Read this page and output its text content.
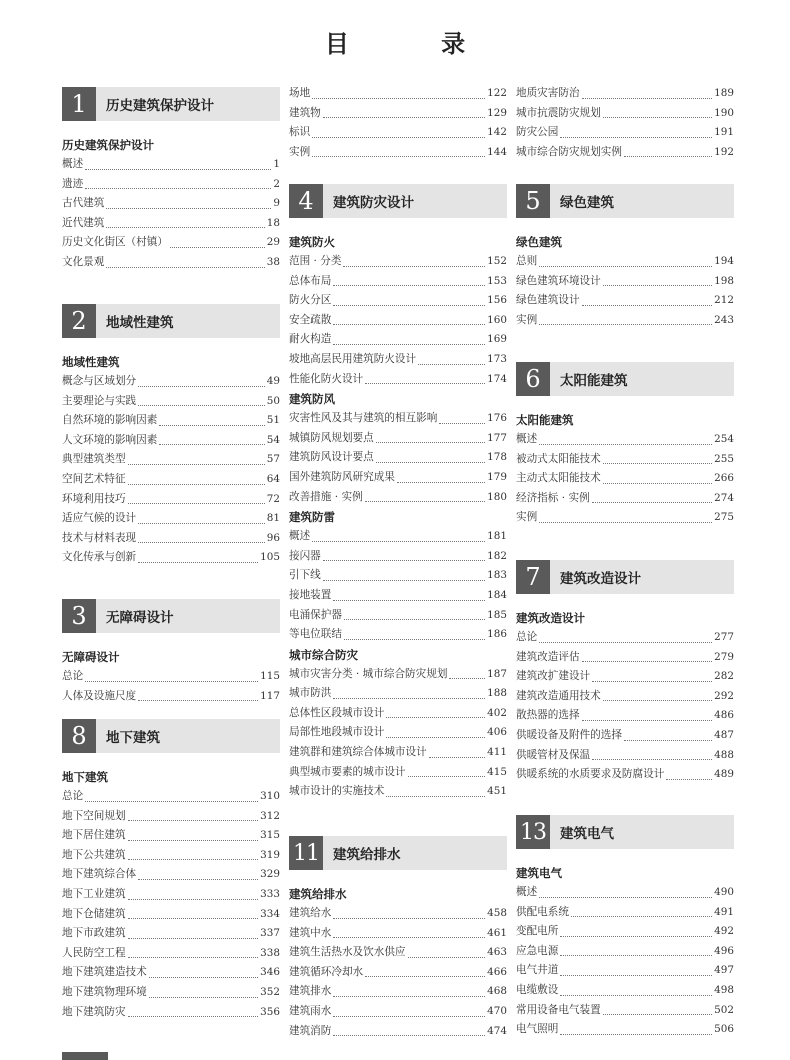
目 录
1	历史建筑保护设计
历史建筑保护设计
概述	1
遗迹	2
古代建筑	9
近代建筑	18
历史文化街区（村镇）	29
文化景观	38
2	地域性建筑
地域性建筑
概念与区域划分	49
主要理论与实践	50
自然环境的影响因素	51
人文环境的影响因素	54
典型建筑类型	57
空间艺术特征	64
环境利用技巧	72
适应气候的设计	81
技术与材料表现	96
文化传承与创新	105
3	无障碍设计
无障碍设计
总论	115
人体及设施尺度	117
8	地下建筑
地下建筑
总论	310
地下空间规划	312
地下居住建筑	315
地下公共建筑	319
地下建筑综合体	329
地下工业建筑	333
地下仓储建筑	334
地下市政建筑	337
人民防空工程	338
地下建筑建造技术	346
地下建筑物理环境	352
地下建筑防灾	356
场地	122
建筑物	129
标识	142
实例	144
4	建筑防灾设计
建筑防火
范围 · 分类	152
总体布局	153
防火分区	156
安全疏散	160
耐火构造	169
坡地高层民用建筑防火设计	173
性能化防火设计	174
建筑防风
灾害性风及其与建筑的相互影响	176
城镇防风规划要点	177
建筑防风设计要点	178
国外建筑防风研究成果	179
改善措施 · 实例	180
建筑防雷
概述	181
接闪器	182
引下线	183
接地装置	184
电涌保护器	185
等电位联结	186
城市综合防灾
城市灾害分类 · 城市综合防灾规划	187
城市防洪	188
总体性区段城市设计	402
局部性地段城市设计	406
建筑群和建筑综合体城市设计	411
典型城市要素的城市设计	415
城市设计的实施技术	451
11 建筑给排水
建筑给排水
建筑给水	458
建筑中水	461
建筑生活热水及饮水供应	463
建筑循环冷却水	466
建筑排水	468
建筑雨水	470
建筑消防	474
地质灾害防治	189
城市抗震防灾规划	190
防灾公园	191
城市综合防灾规划实例	192
5	绿色建筑
绿色建筑
总则	194
绿色建筑环境设计	198
绿色建筑设计	212
实例	243
6	太阳能建筑
太阳能建筑
概述	254
被动式太阳能技术	255
主动式太阳能技术	266
经济指标 · 实例	274
实例	275
7	建筑改造设计
建筑改造设计
总论	277
建筑改造评估	279
建筑改扩建设计	282
建筑改造通用技术	292
散热器的选择	486
供暖设备及附件的选择	487
供暖管材及保温	488
供暖系统的水质要求及防腐设计	489
13 建筑电气
建筑电气
概述	490
供配电系统	491
变配电所	492
应急电源	496
电气井道	497
电缆敷设	498
常用设备电气装置	502
电气照明	506
